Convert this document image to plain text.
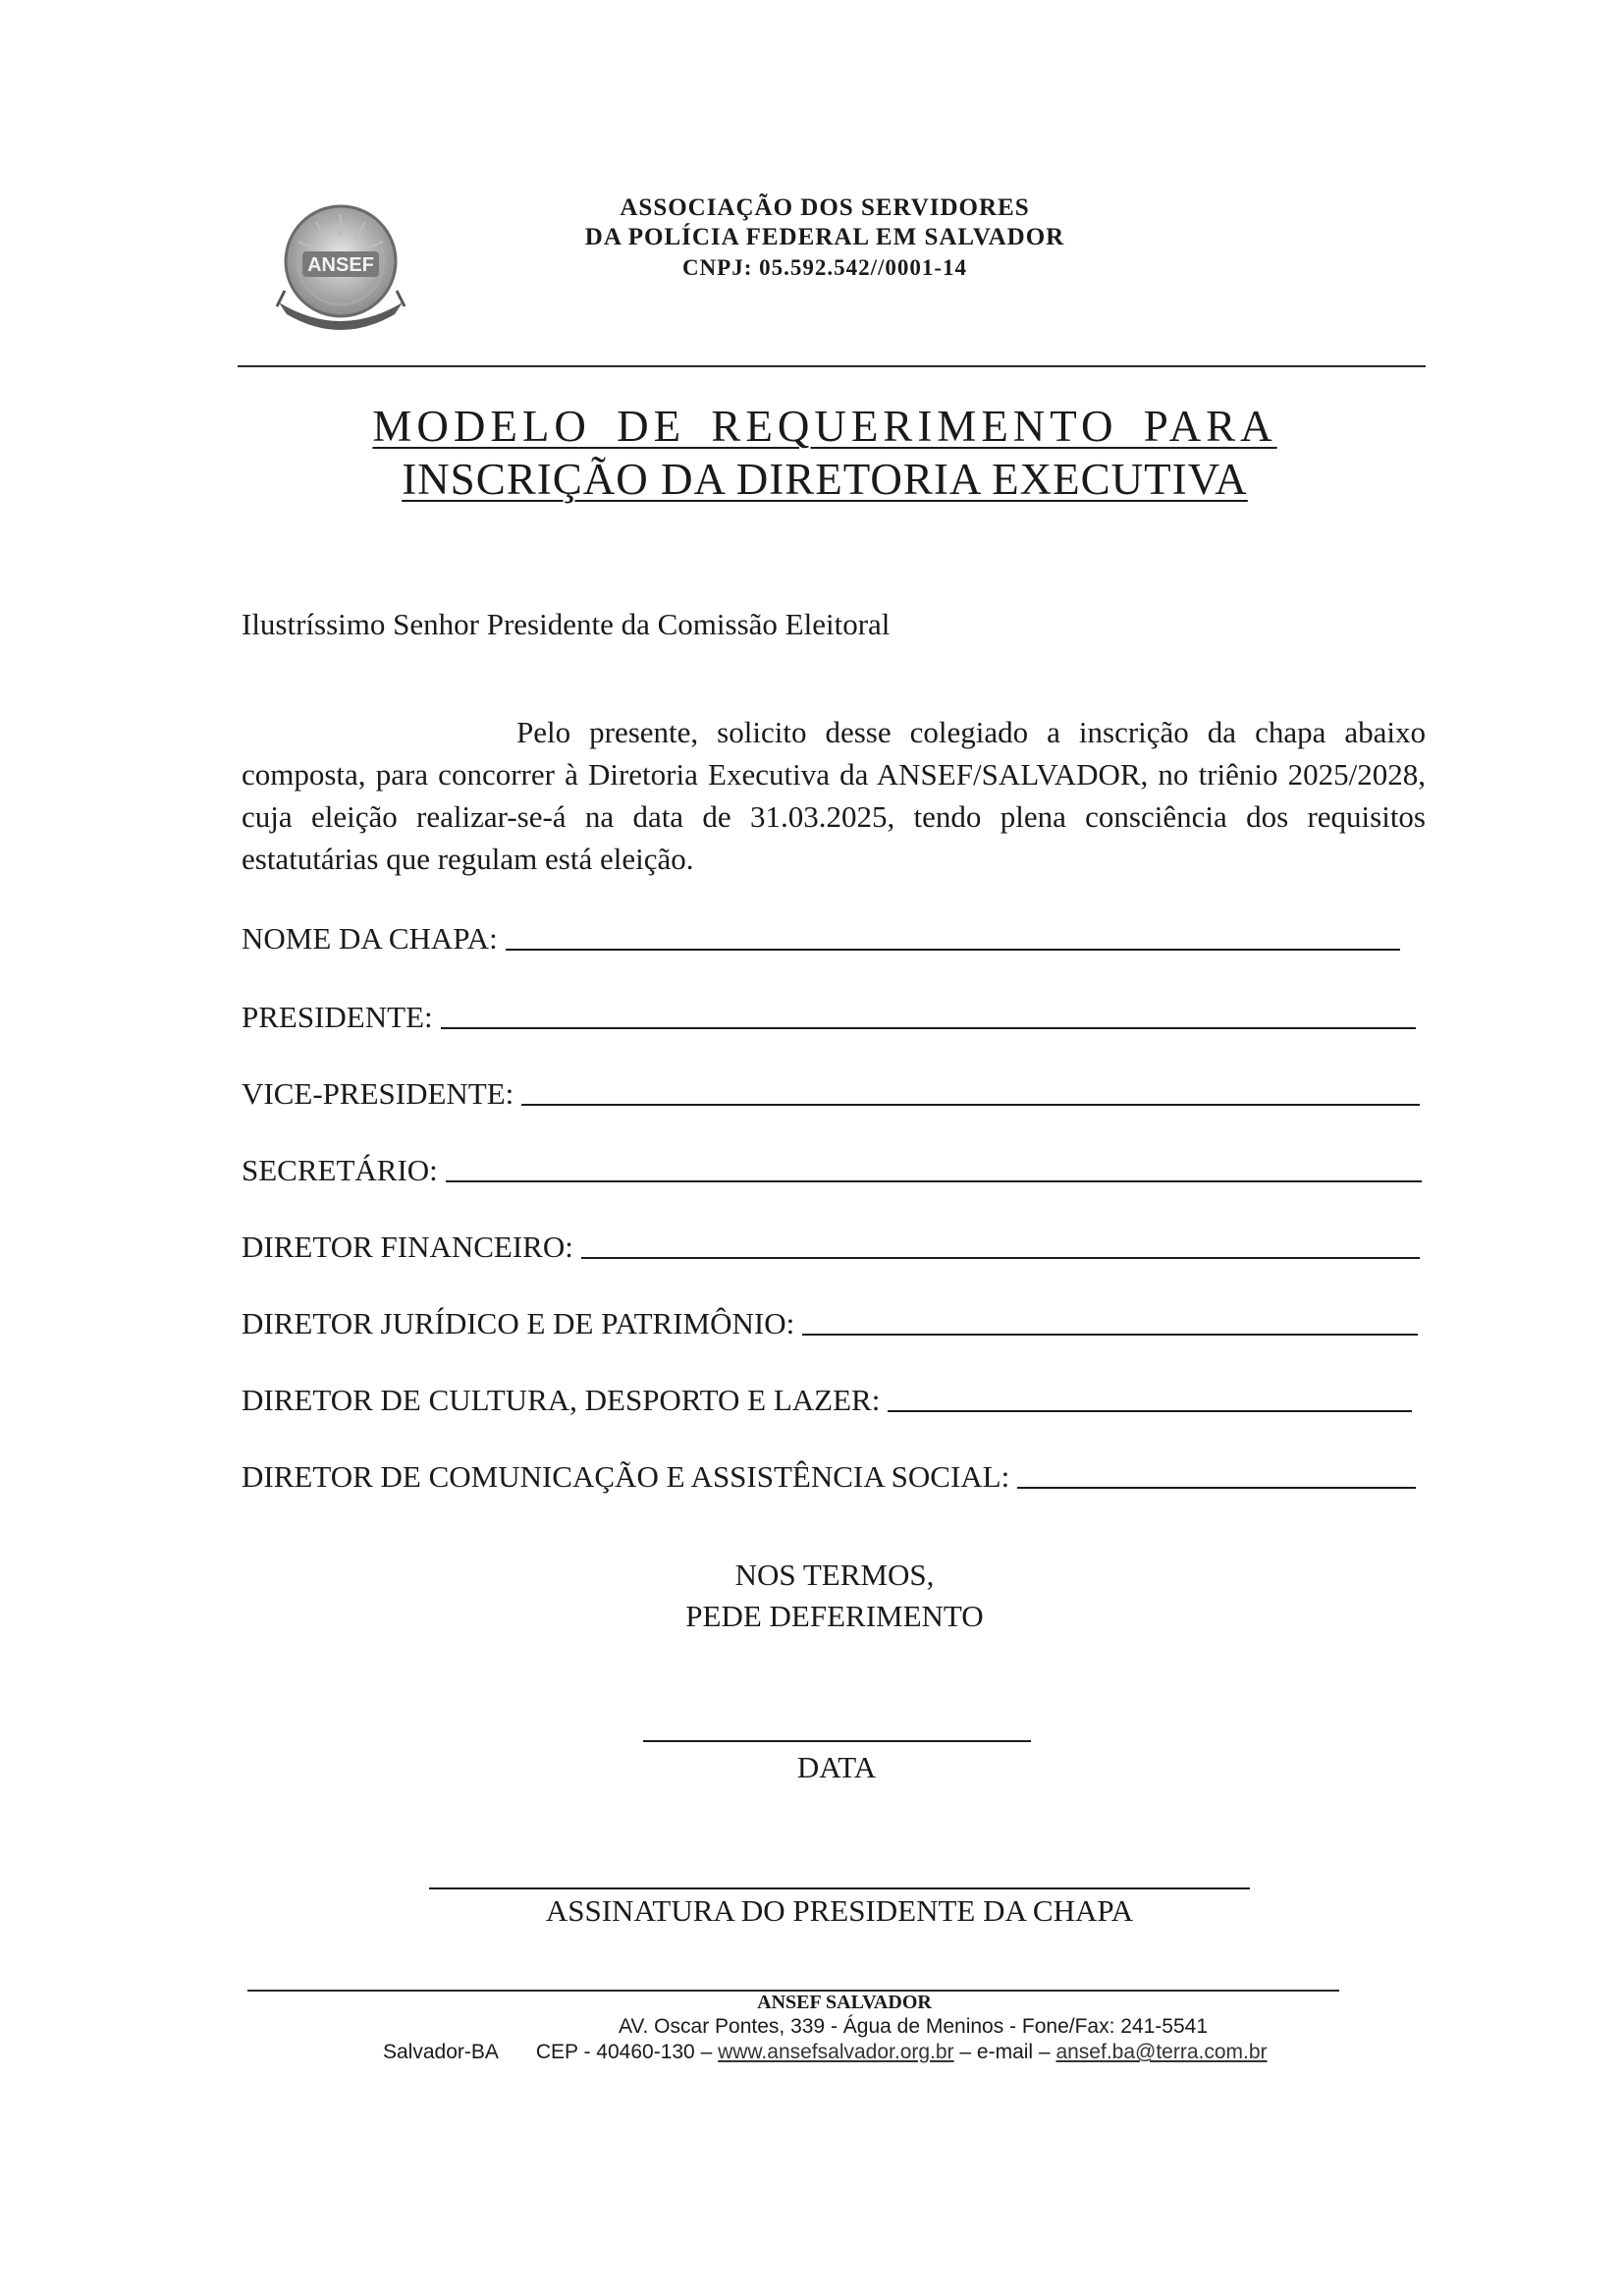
ANSEF
ASSOCIAÇÃO DOS SERVIDORES
DA POLÍCIA FEDERAL EM SALVADOR
CNPJ: 05.592.542//0001-14
MODELO DE REQUERIMENTO PARA
INSCRIÇÃO DA DIRETORIA EXECUTIVA
Ilustríssimo Senhor Presidente da Comissão Eleitoral
Pelo presente, solicito desse colegiado a inscrição da chapa abaixo composta, para concorrer à Diretoria Executiva da ANSEF/SALVADOR, no triênio 2025/2028, cuja eleição realizar-se-á na data de 31.03.2025, tendo plena consciência dos requisitos estatutárias que regulam está eleição.
NOME DA CHAPA:
PRESIDENTE:
VICE-PRESIDENTE:
SECRETÁRIO:
DIRETOR FINANCEIRO:
DIRETOR JURÍDICO E DE PATRIMÔNIO:
DIRETOR DE CULTURA, DESPORTO E LAZER:
DIRETOR DE COMUNICAÇÃO E ASSISTÊNCIA SOCIAL:
NOS TERMOS,
PEDE DEFERIMENTO
DATA
ASSINATURA DO PRESIDENTE DA CHAPA
ANSEF SALVADOR
AV. Oscar Pontes, 339 - Água de Meninos - Fone/Fax: 241-5541
Salvador-BA CEP - 40460-130 – www.ansefsalvador.org.br – e-mail – ansef.ba@terra.com.br
